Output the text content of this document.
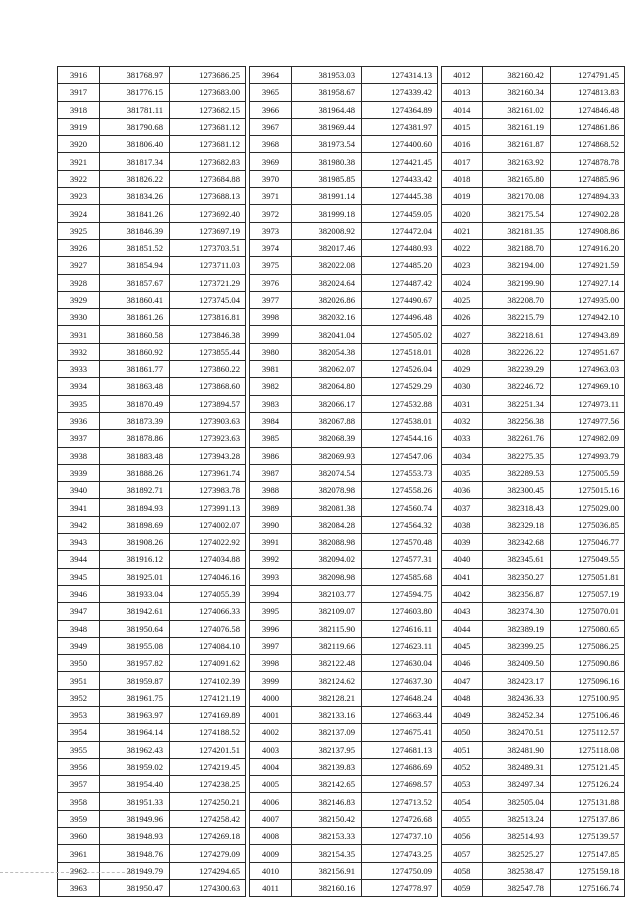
3916	381768.97	1273686.25
3917	381776.15	1273683.00
3918	381781.11	1273682.15
3919	381790.68	1273681.12
3920	381806.40	1273681.12
3921	381817.34	1273682.83
3922	381826.22	1273684.88
3923	381834.26	1273688.13
3924	381841.26	1273692.40
3925	381846.39	1273697.19
3926	381851.52	1273703.51
3927	381854.94	1273711.03
3928	381857.67	1273721.29
3929	381860.41	1273745.04
3930	381861.26	1273816.81
3931	381860.58	1273846.38
3932	381860.92	1273855.44
3933	381861.77	1273860.22
3934	381863.48	1273868.60
3935	381870.49	1273894.57
3936	381873.39	1273903.63
3937	381878.86	1273923.63
3938	381883.48	1273943.28
3939	381888.26	1273961.74
3940	381892.71	1273983.78
3941	381894.93	1273991.13
3942	381898.69	1274002.07
3943	381908.26	1274022.92
3944	381916.12	1274034.88
3945	381925.01	1274046.16
3946	381933.04	1274055.39
3947	381942.61	1274066.33
3948	381950.64	1274076.58
3949	381955.08	1274084.10
3950	381957.82	1274091.62
3951	381959.87	1274102.39
3952	381961.75	1274121.19
3953	381963.97	1274169.89
3954	381964.14	1274188.52
3955	381962.43	1274201.51
3956	381959.02	1274219.45
3957	381954.40	1274238.25
3958	381951.33	1274250.21
3959	381949.96	1274258.42
3960	381948.93	1274269.18
3961	381948.76	1274279.09
3962	381949.79	1274294.65
3963	381950.47	1274300.63
3964	381953.03	1274314.13
3965	381958.67	1274339.42
3966	381964.48	1274364.89
3967	381969.44	1274381.97
3968	381973.54	1274400.60
3969	381980.38	1274421.45
3970	381985.85	1274433.42
3971	381991.14	1274445.38
3972	381999.18	1274459.05
3973	382008.92	1274472.04
3974	382017.46	1274480.93
3975	382022.08	1274485.20
3976	382024.64	1274487.42
3977	382026.86	1274490.67
3998	382032.16	1274496.48
3999	382041.04	1274505.02
3980	382054.38	1274518.01
3981	382062.07	1274526.04
3982	382064.80	1274529.29
3983	382066.17	1274532.88
3984	382067.88	1274538.01
3985	382068.39	1274544.16
3986	382069.93	1274547.06
3987	382074.54	1274553.73
3988	382078.98	1274558.26
3989	382081.38	1274560.74
3990	382084.28	1274564.32
3991	382088.98	1274570.48
3992	382094.02	1274577.31
3993	382098.98	1274585.68
3994	382103.77	1274594.75
3995	382109.07	1274603.80
3996	382115.90	1274616.11
3997	382119.66	1274623.11
3998	382122.48	1274630.04
3999	382124.62	1274637.30
4000	382128.21	1274648.24
4001	382133.16	1274663.44
4002	382137.09	1274675.41
4003	382137.95	1274681.13
4004	382139.83	1274686.69
4005	382142.65	1274698.57
4006	382146.83	1274713.52
4007	382150.42	1274726.68
4008	382153.33	1274737.10
4009	382154.35	1274743.25
4010	382156.91	1274750.09
4011	382160.16	1274778.97
4012	382160.42	1274791.45
4013	382160.34	1274813.83
4014	382161.02	1274846.48
4015	382161.19	1274861.86
4016	382161.87	1274868.52
4017	382163.92	1274878.78
4018	382165.80	1274885.96
4019	382170.08	1274894.33
4020	382175.54	1274902.28
4021	382181.35	1274908.86
4022	382188.70	1274916.20
4023	382194.00	1274921.59
4024	382199.90	1274927.14
4025	382208.70	1274935.00
4026	382215.79	1274942.10
4027	382218.61	1274943.89
4028	382226.22	1274951.67
4029	382239.29	1274963.03
4030	382246.72	1274969.10
4031	382251.34	1274973.11
4032	382256.38	1274977.56
4033	382261.76	1274982.09
4034	382275.35	1274993.79
4035	382289.53	1275005.59
4036	382300.45	1275015.16
4037	382318.43	1275029.00
4038	382329.18	1275036.85
4039	382342.68	1275046.77
4040	382345.61	1275049.55
4041	382350.27	1275051.81
4042	382356.87	1275057.19
4043	382374.30	1275070.01
4044	382389.19	1275080.65
4045	382399.25	1275086.25
4046	382409.50	1275090.86
4047	382423.17	1275096.16
4048	382436.33	1275100.95
4049	382452.34	1275106.46
4050	382470.51	1275112.57
4051	382481.90	1275118.08
4052	382489.31	1275121.45
4053	382497.34	1275126.24
4054	382505.04	1275131.88
4055	382513.24	1275137.86
4056	382514.93	1275139.57
4057	382525.27	1275147.85
4058	382538.47	1275159.18
4059	382547.78	1275166.74
